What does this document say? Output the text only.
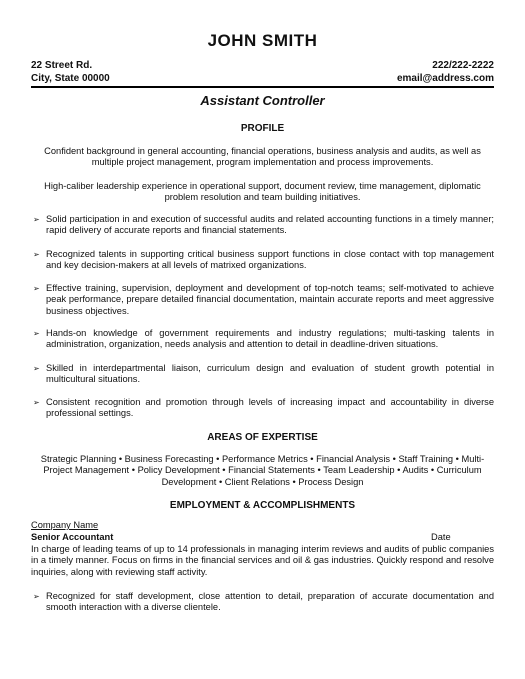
JOHN SMITH
22 Street Rd.
City, State 00000
222/222-2222
email@address.com
Assistant Controller
PROFILE
Confident background in general accounting, financial operations, business analysis and audits, as well as multiple project management, program implementation and process improvements.
High-caliber leadership experience in operational support, document review, time management, diplomatic problem resolution and team building initiatives.
➢ Solid participation in and execution of successful audits and related accounting functions in a timely manner; rapid delivery of accurate reports and financial statements.
➢ Recognized talents in supporting critical business support functions in close contact with top management and key decision-makers at all levels of matrixed organizations.
➢ Effective training, supervision, deployment and development of top-notch teams; self-motivated to achieve peak performance, prepare detailed financial documentation, maintain accurate reports and meet aggressive business objectives.
➢ Hands-on knowledge of government requirements and industry regulations; multi-tasking talents in administration, organization, needs analysis and attention to detail in deadline-driven situations.
➢ Skilled in interdepartmental liaison, curriculum design and evaluation of student growth potential in multicultural situations.
➢ Consistent recognition and promotion through levels of increasing impact and accountability in diverse professional settings.
AREAS OF EXPERTISE
Strategic Planning • Business Forecasting • Performance Metrics • Financial Analysis • Staff Training • Multi-Project Management • Policy Development • Financial Statements • Team Leadership • Audits • Curriculum Development • Client Relations • Process Design
EMPLOYMENT & ACCOMPLISHMENTS
Company Name
Senior Accountant	Date
In charge of leading teams of up to 14 professionals in managing interim reviews and audits of public companies in a timely manner. Focus on firms in the financial services and oil & gas industries. Quickly respond and resolve inquiries, along with reviewing staff activity.
➢ Recognized for staff development, close attention to detail, preparation of accurate documentation and smooth interaction with a diverse clientele.
